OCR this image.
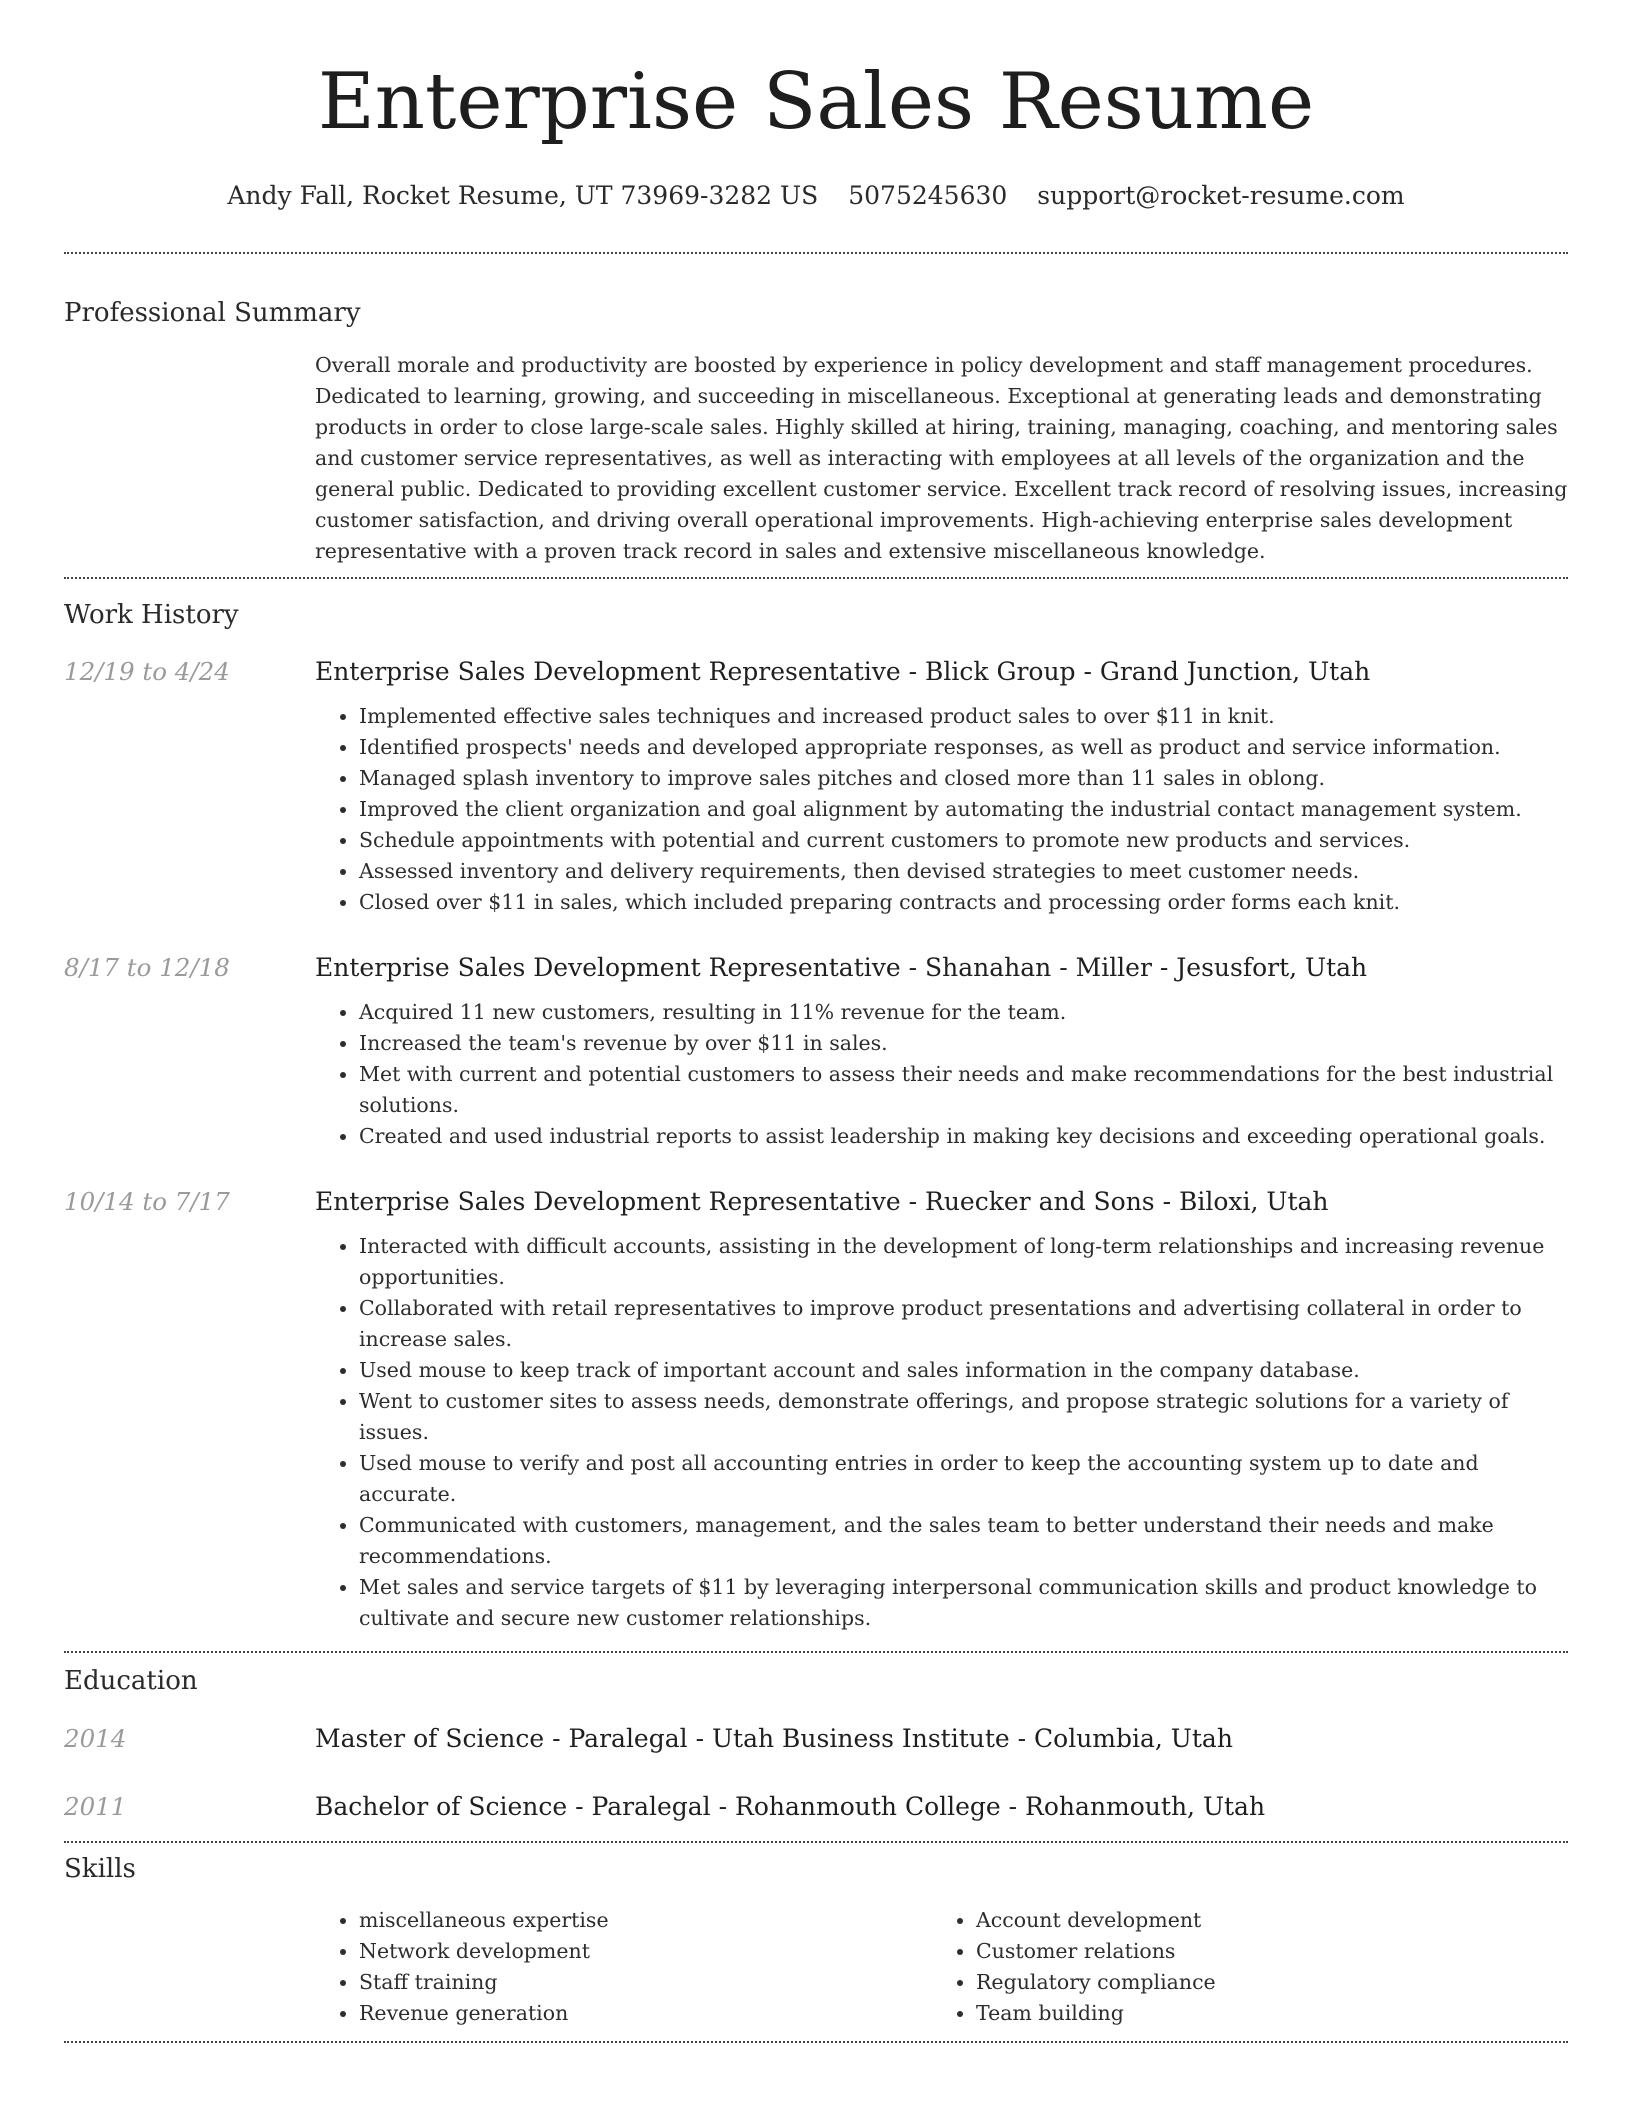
Enterprise Sales Resume
Andy Fall, Rocket Resume, UT 73969-3282 US 5075245630 support@rocket-resume.com
Professional Summary
Overall morale and productivity are boosted by experience in policy development and staff management procedures. Dedicated to learning, growing, and succeeding in miscellaneous. Exceptional at generating leads and demonstrating products in order to close large-scale sales. Highly skilled at hiring, training, managing, coaching, and mentoring sales and customer service representatives, as well as interacting with employees at all levels of the organization and the general public. Dedicated to providing excellent customer service. Excellent track record of resolving issues, increasing customer satisfaction, and driving overall operational improvements. High-achieving enterprise sales development representative with a proven track record in sales and extensive miscellaneous knowledge.
Work History
12/19 to 4/24	Enterprise Sales Development Representative - Blick Group - Grand Junction, Utah
• Implemented effective sales techniques and increased product sales to over $11 in knit.
• Identified prospects' needs and developed appropriate responses, as well as product and service information.
• Managed splash inventory to improve sales pitches and closed more than 11 sales in oblong.
• Improved the client organization and goal alignment by automating the industrial contact management system.
• Schedule appointments with potential and current customers to promote new products and services.
• Assessed inventory and delivery requirements, then devised strategies to meet customer needs.
• Closed over $11 in sales, which included preparing contracts and processing order forms each knit.
8/17 to 12/18	Enterprise Sales Development Representative - Shanahan - Miller - Jesusfort, Utah
• Acquired 11 new customers, resulting in 11% revenue for the team.
• Increased the team's revenue by over $11 in sales.
• Met with current and potential customers to assess their needs and make recommendations for the best industrial solutions.
• Created and used industrial reports to assist leadership in making key decisions and exceeding operational goals.
10/14 to 7/17	Enterprise Sales Development Representative - Ruecker and Sons - Biloxi, Utah
• Interacted with difficult accounts, assisting in the development of long-term relationships and increasing revenue opportunities.
• Collaborated with retail representatives to improve product presentations and advertising collateral in order to increase sales.
• Used mouse to keep track of important account and sales information in the company database.
• Went to customer sites to assess needs, demonstrate offerings, and propose strategic solutions for a variety of issues.
• Used mouse to verify and post all accounting entries in order to keep the accounting system up to date and accurate.
• Communicated with customers, management, and the sales team to better understand their needs and make recommendations.
• Met sales and service targets of $11 by leveraging interpersonal communication skills and product knowledge to cultivate and secure new customer relationships.
Education
2014	Master of Science - Paralegal - Utah Business Institute - Columbia, Utah
2011	Bachelor of Science - Paralegal - Rohanmouth College - Rohanmouth, Utah
Skills
• miscellaneous expertise
• Network development
• Staff training
• Revenue generation
• Account development
• Customer relations
• Regulatory compliance
• Team building
